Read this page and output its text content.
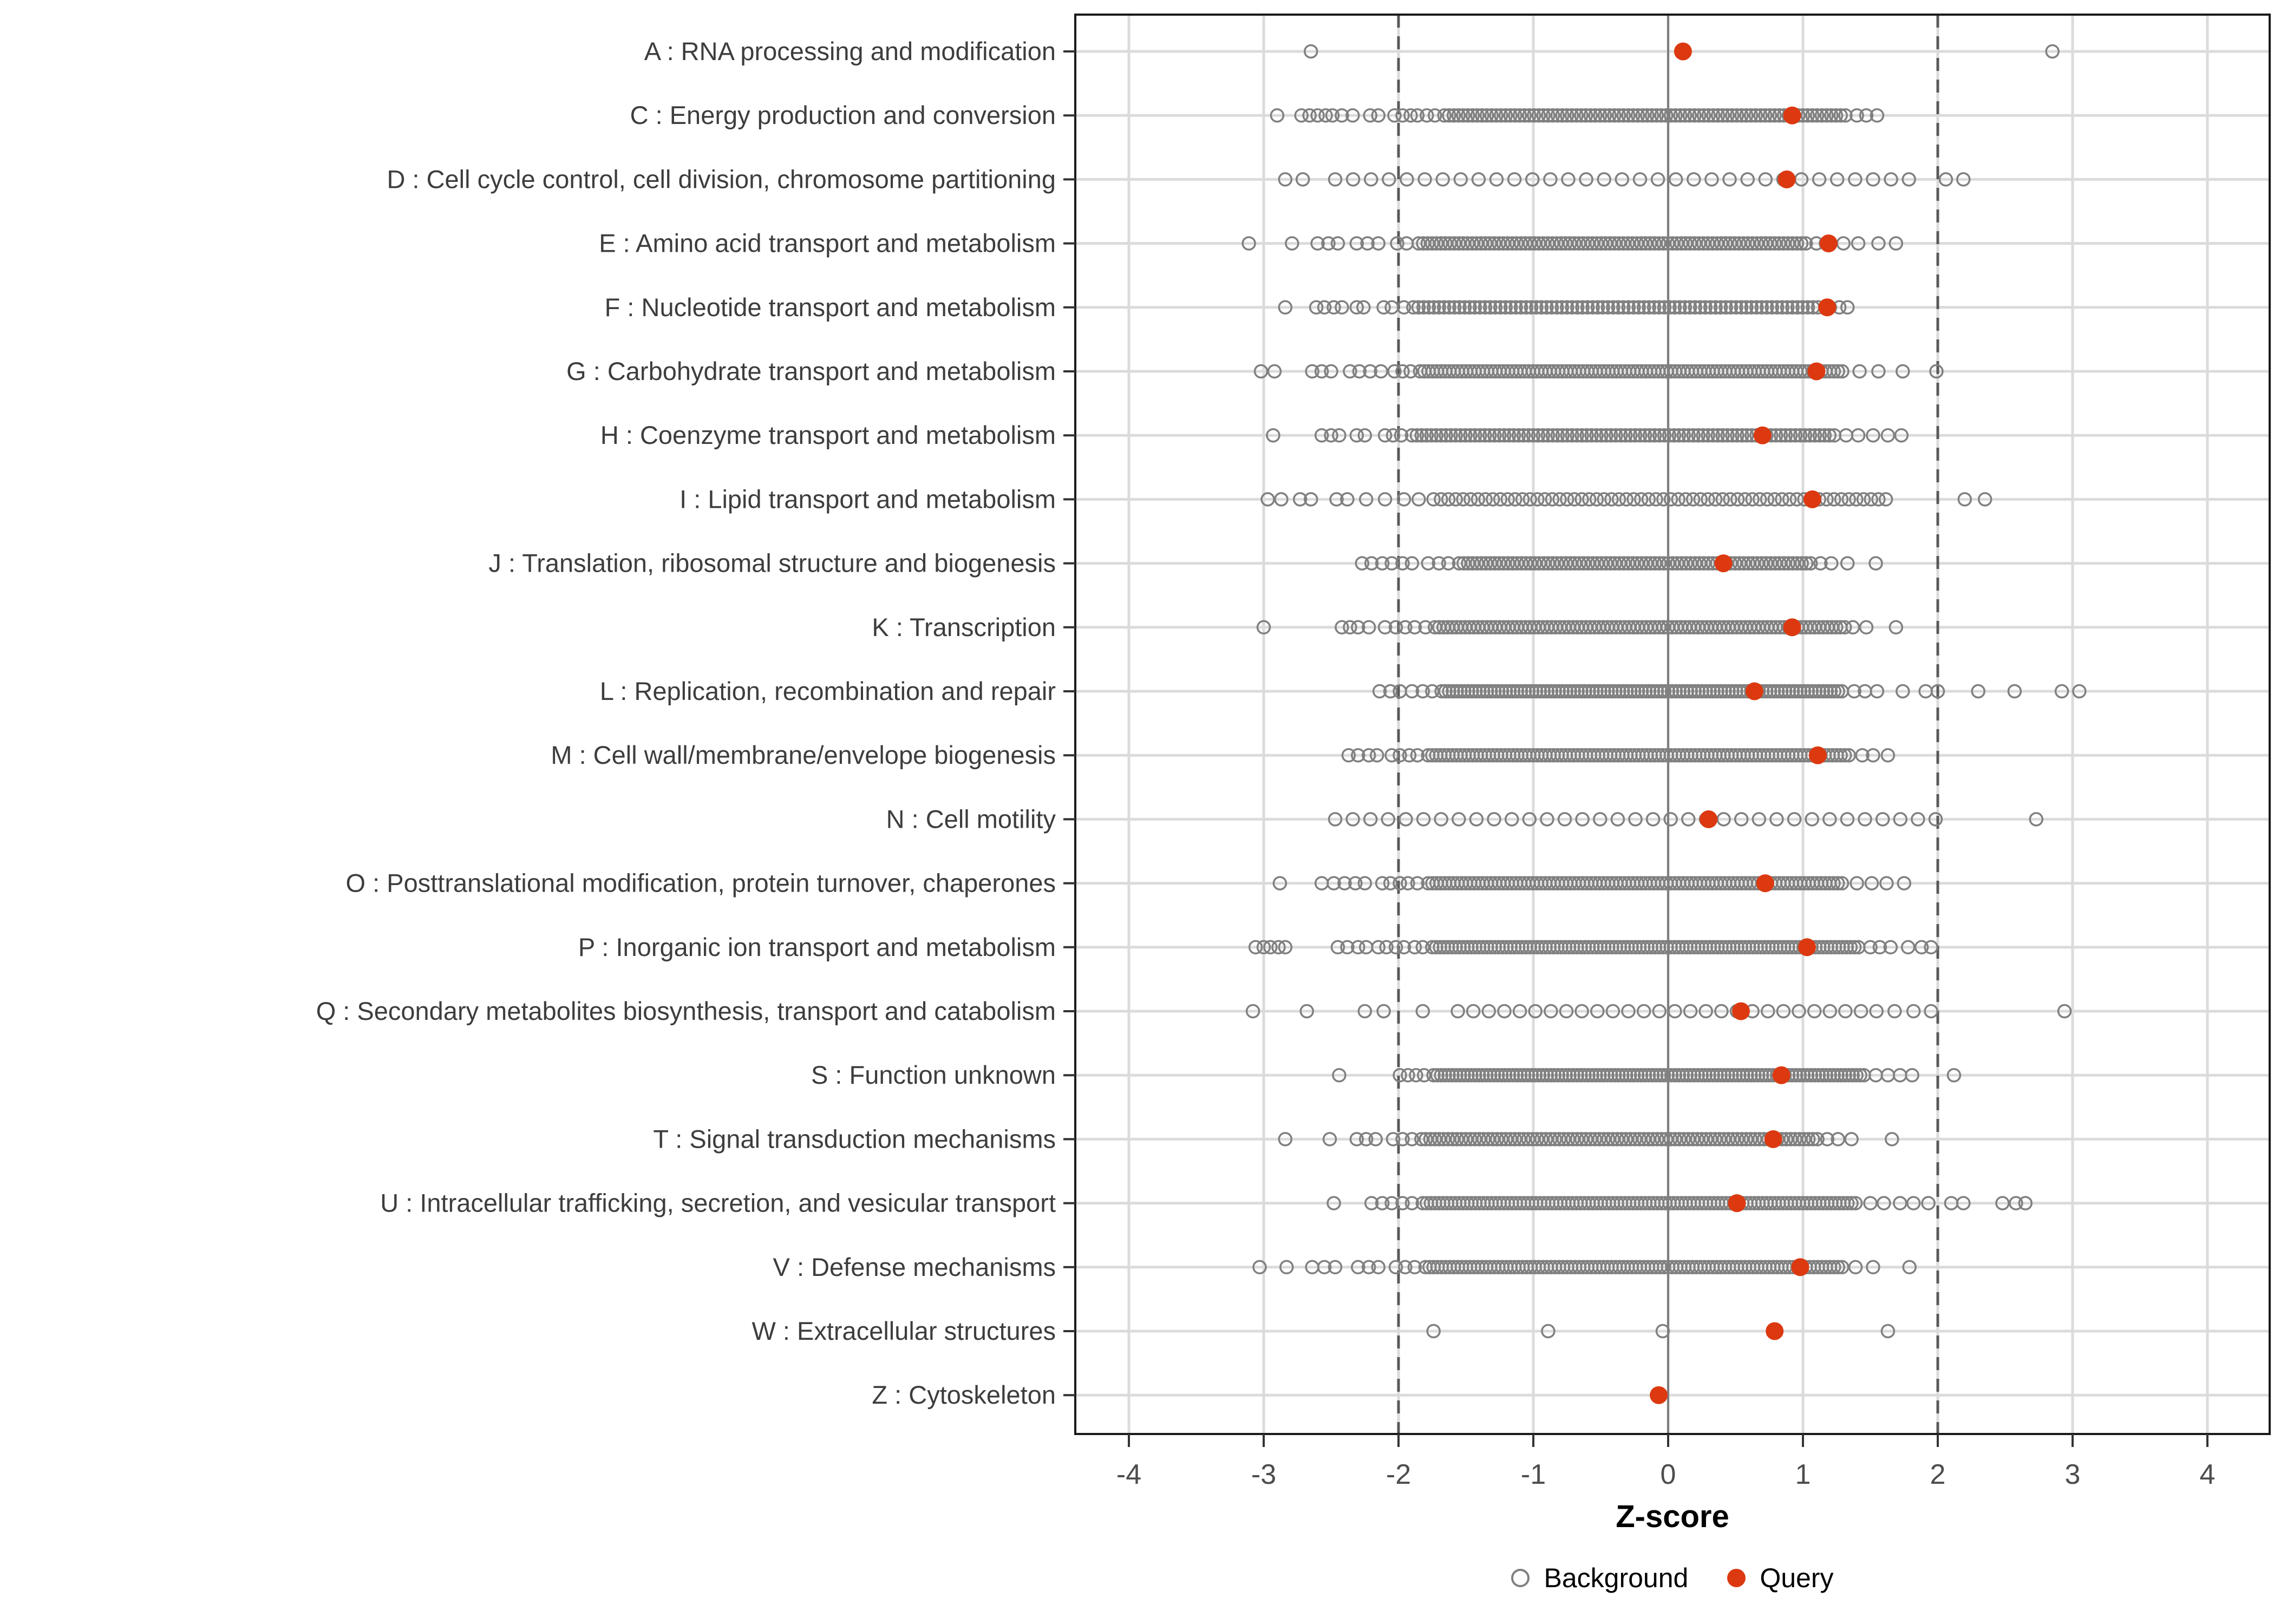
A : RNA processing and modification
C : Energy production and conversion
D : Cell cycle control, cell division, chromosome partitioning
E : Amino acid transport and metabolism
F : Nucleotide transport and metabolism
G : Carbohydrate transport and metabolism
H : Coenzyme transport and metabolism
I : Lipid transport and metabolism
J : Translation, ribosomal structure and biogenesis
K : Transcription
L : Replication, recombination and repair
M : Cell wall/membrane/envelope biogenesis
N : Cell motility
O : Posttranslational modification, protein turnover, chaperones
P : Inorganic ion transport and metabolism
Q : Secondary metabolites biosynthesis, transport and catabolism
S : Function unknown
T : Signal transduction mechanisms
U : Intracellular trafficking, secretion, and vesicular transport
V : Defense mechanisms
W : Extracellular structures
Z : Cytoskeleton
-4	-3	-2	-1	0	1	2	3	4
Z-score
Background	Query
